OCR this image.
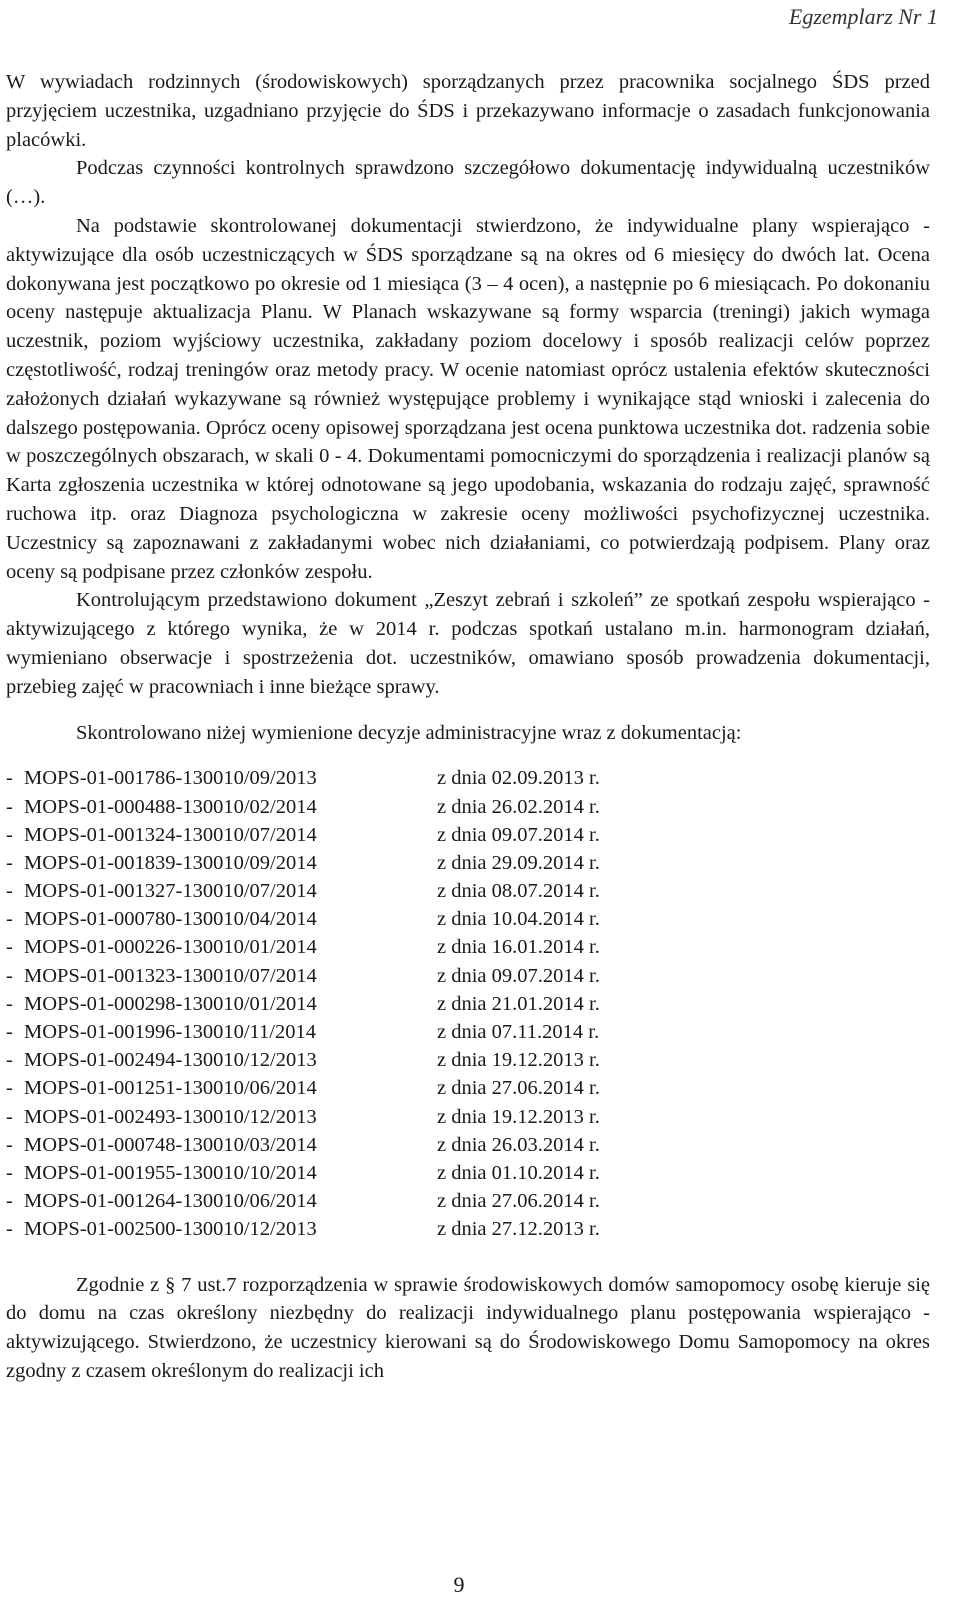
Egzemplarz Nr 1

W wywiadach rodzinnych (środowiskowych) sporządzanych przez pracownika socjalnego ŚDS przed przyjęciem uczestnika, uzgadniano przyjęcie do ŚDS i przekazywano informacje o zasadach funkcjonowania placówki.

Podczas czynności kontrolnych sprawdzono szczegółowo dokumentację indywidualną uczestników (…).

Na podstawie skontrolowanej dokumentacji stwierdzono, że indywidualne plany wspierająco - aktywizujące dla osób uczestniczących w ŚDS sporządzane są na okres od 6 miesięcy do dwóch lat. Ocena dokonywana jest początkowo po okresie od 1 miesiąca (3 – 4 ocen), a następnie po 6 miesiącach. Po dokonaniu oceny następuje aktualizacja Planu. W Planach wskazywane są formy wsparcia (treningi) jakich wymaga uczestnik, poziom wyjściowy uczestnika, zakładany poziom docelowy i sposób realizacji celów poprzez częstotliwość, rodzaj treningów oraz metody pracy. W ocenie natomiast oprócz ustalenia efektów skuteczności założonych działań wykazywane są również występujące problemy i wynikające stąd wnioski i zalecenia do dalszego postępowania. Oprócz oceny opisowej sporządzana jest ocena punktowa uczestnika dot. radzenia sobie w poszczególnych obszarach, w skali 0 - 4. Dokumentami pomocniczymi do sporządzenia i realizacji planów są Karta zgłoszenia uczestnika w której odnotowane są jego upodobania, wskazania do rodzaju zajęć, sprawność ruchowa itp. oraz Diagnoza psychologiczna w zakresie oceny możliwości psychofizycznej uczestnika. Uczestnicy są zapoznawani z zakładanymi wobec nich działaniami, co potwierdzają podpisem. Plany oraz oceny są podpisane przez członków zespołu.

Kontrolującym przedstawiono dokument „Zeszyt zebrań i szkoleń” ze spotkań zespołu wspierająco - aktywizującego z którego wynika, że w 2014 r. podczas spotkań ustalano m.in. harmonogram działań, wymieniano obserwacje i spostrzeżenia dot. uczestników, omawiano sposób prowadzenia dokumentacji, przebieg zajęć w pracowniach i inne bieżące sprawy.

Skontrolowano niżej wymienione decyzje administracyjne wraz z dokumentacją:

- MOPS-01-001786-130010/09/2013	z dnia 02.09.2013 r.
- MOPS-01-000488-130010/02/2014	z dnia 26.02.2014 r.
- MOPS-01-001324-130010/07/2014	z dnia 09.07.2014 r.
- MOPS-01-001839-130010/09/2014	z dnia 29.09.2014 r.
- MOPS-01-001327-130010/07/2014	z dnia 08.07.2014 r.
- MOPS-01-000780-130010/04/2014	z dnia 10.04.2014 r.
- MOPS-01-000226-130010/01/2014	z dnia 16.01.2014 r.
- MOPS-01-001323-130010/07/2014	z dnia 09.07.2014 r.
- MOPS-01-000298-130010/01/2014	z dnia 21.01.2014 r.
- MOPS-01-001996-130010/11/2014	z dnia 07.11.2014 r.
- MOPS-01-002494-130010/12/2013	z dnia 19.12.2013 r.
- MOPS-01-001251-130010/06/2014	z dnia 27.06.2014 r.
- MOPS-01-002493-130010/12/2013	z dnia 19.12.2013 r.
- MOPS-01-000748-130010/03/2014	z dnia 26.03.2014 r.
- MOPS-01-001955-130010/10/2014	z dnia 01.10.2014 r.
- MOPS-01-001264-130010/06/2014	z dnia 27.06.2014 r.
- MOPS-01-002500-130010/12/2013	z dnia 27.12.2013 r.

Zgodnie z § 7 ust.7 rozporządzenia w sprawie środowiskowych domów samopomocy osobę kieruje się do domu na czas określony niezbędny do realizacji indywidualnego planu postępowania wspierająco - aktywizującego. Stwierdzono, że uczestnicy kierowani są do Środowiskowego Domu Samopomocy na okres zgodny z czasem określonym do realizacji ich

9
